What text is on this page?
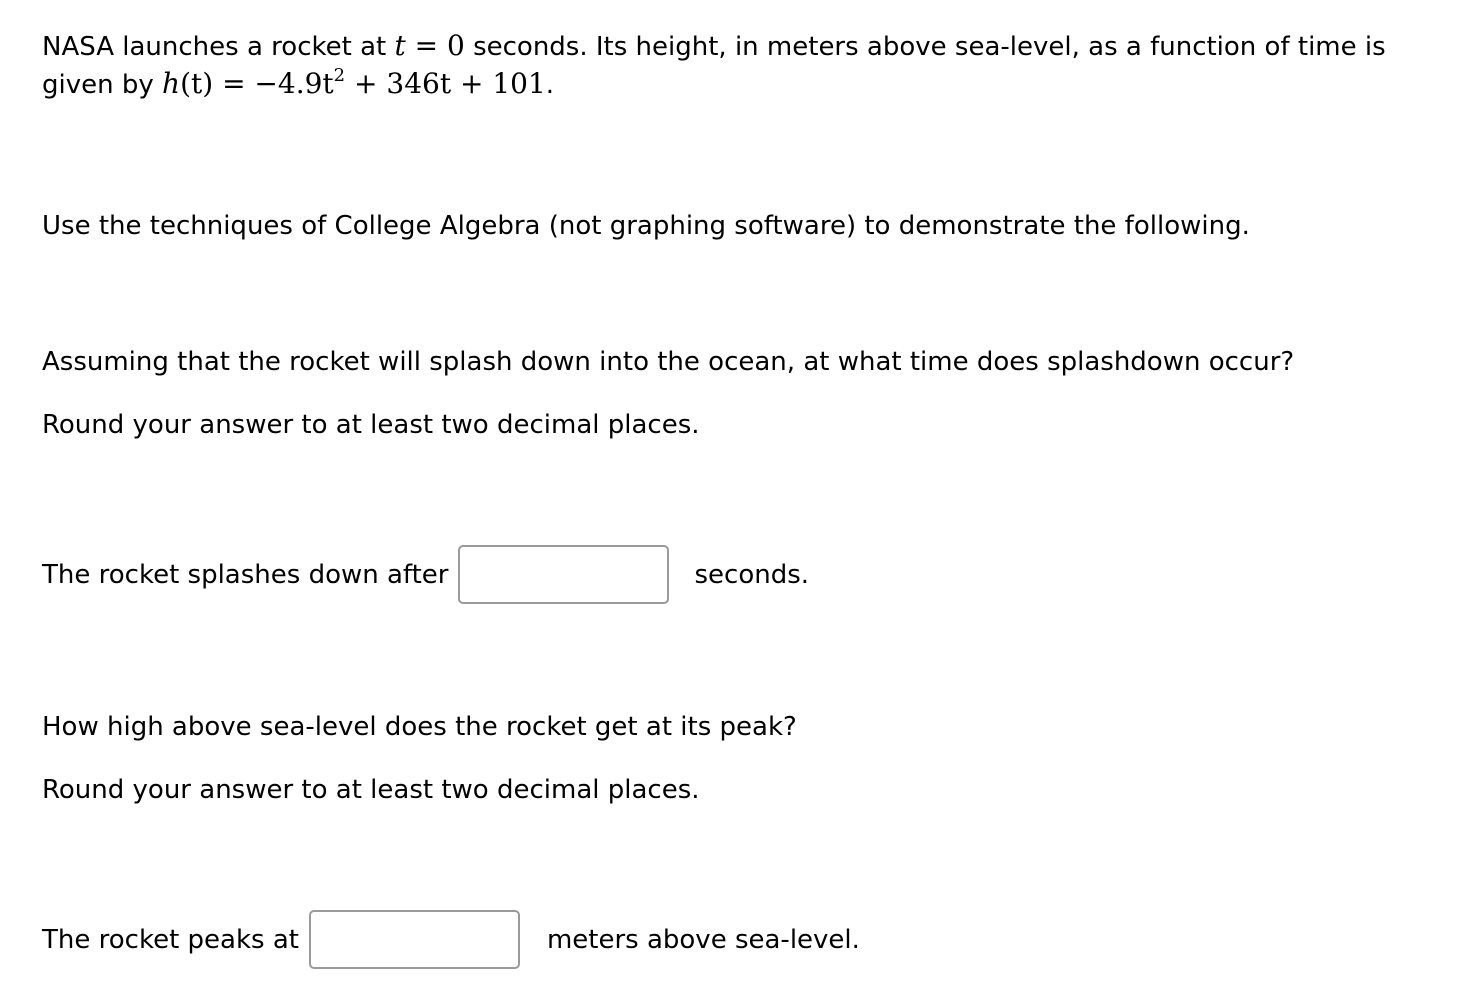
NASA launches a rocket at t = 0 seconds. Its height, in meters above sea-level, as a function of time is
given by $h(t) = -4.9t^2 + 346t + 101$.
Use the techniques of College Algebra (not graphing software) to demonstrate the following.
Assuming that the rocket will splash down into the ocean, at what time does splashdown occur?
Round your answer to at least two decimal places.
The rocket splashes down after	seconds.
How high above sea-level does the rocket get at its peak?
Round your answer to at least two decimal places.
The rocket peaks at	meters above sea-level.
